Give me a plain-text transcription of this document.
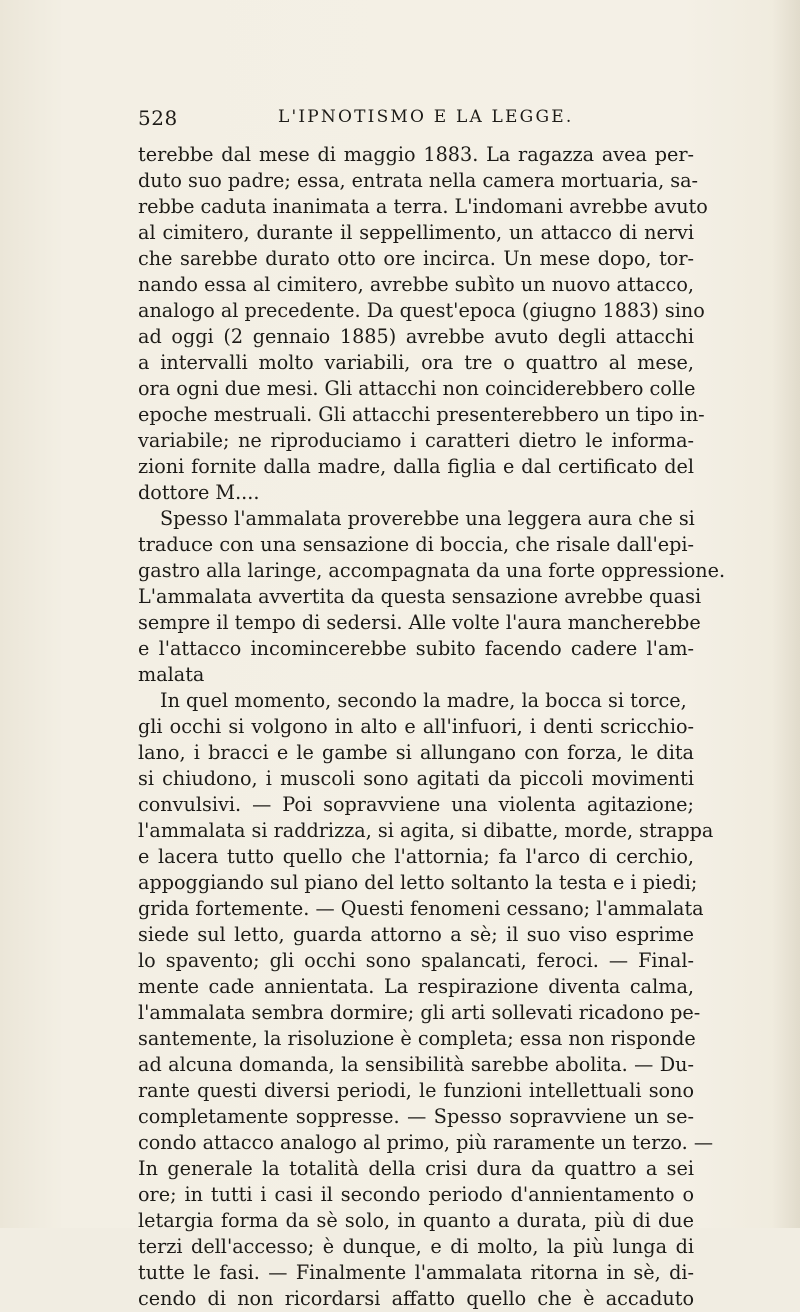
528	L'IPNOTISMO E LA LEGGE.
terebbe dal mese di maggio 1883. La ragazza avea per-
duto suo padre; essa, entrata nella camera mortuaria, sa-
rebbe caduta inanimata a terra. L'indomani avrebbe avuto
al cimitero, durante il seppellimento, un attacco di nervi
che sarebbe durato otto ore incirca. Un mese dopo, tor-
nando essa al cimitero, avrebbe subìto un nuovo attacco,
analogo al precedente. Da quest'epoca (giugno 1883) sino
ad oggi (2 gennaio 1885) avrebbe avuto degli attacchi
a intervalli molto variabili, ora tre o quattro al mese,
ora ogni due mesi. Gli attacchi non coinciderebbero colle
epoche mestruali. Gli attacchi presenterebbero un tipo in-
variabile; ne riproduciamo i caratteri dietro le informa-
zioni fornite dalla madre, dalla figlia e dal certificato del
dottore M....
Spesso l'ammalata proverebbe una leggera aura che si
traduce con una sensazione di boccia, che risale dall'epi-
gastro alla laringe, accompagnata da una forte oppressione.
L'ammalata avvertita da questa sensazione avrebbe quasi
sempre il tempo di sedersi. Alle volte l'aura mancherebbe
e l'attacco incomincerebbe subito facendo cadere l'am-
malata
In quel momento, secondo la madre, la bocca si torce,
gli occhi si volgono in alto e all'infuori, i denti scricchio-
lano, i bracci e le gambe si allungano con forza, le dita
si chiudono, i muscoli sono agitati da piccoli movimenti
convulsivi. — Poi sopravviene una violenta agitazione;
l'ammalata si raddrizza, si agita, si dibatte, morde, strappa
e lacera tutto quello che l'attornia; fa l'arco di cerchio,
appoggiando sul piano del letto soltanto la testa e i piedi;
grida fortemente. — Questi fenomeni cessano; l'ammalata
siede sul letto, guarda attorno a sè; il suo viso esprime
lo spavento; gli occhi sono spalancati, feroci. — Final-
mente cade annientata. La respirazione diventa calma,
l'ammalata sembra dormire; gli arti sollevati ricadono pe-
santemente, la risoluzione è completa; essa non risponde
ad alcuna domanda, la sensibilità sarebbe abolita. — Du-
rante questi diversi periodi, le funzioni intellettuali sono
completamente soppresse. — Spesso sopravviene un se-
condo attacco analogo al primo, più raramente un terzo. —
In generale la totalità della crisi dura da quattro a sei
ore; in tutti i casi il secondo periodo d'annientamento o
letargia forma da sè solo, in quanto a durata, più di due
terzi dell'accesso; è dunque, e di molto, la più lunga di
tutte le fasi. — Finalmente l'ammalata ritorna in sè, di-
cendo di non ricordarsi affatto quello che è accaduto
